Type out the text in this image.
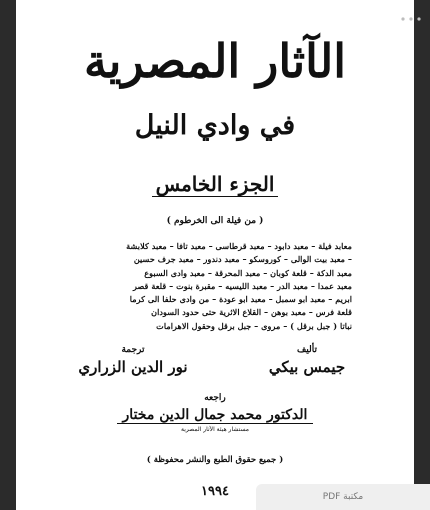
الآثار المصرية
في وادي النيل
الجزء الخامس
( من فيلة الى الخرطوم )
معابد فيلة – معبد دابود – معبد قرطاسى – معبد تافا – معبد كلابشة
– معبد بيت الوالى – كوروسكو – معبد دندور – معبد جرف حسين
معبد الدكة – قلعة كوبان – معبد المحرقة – معبد وادى السبوع
معبد عمدا – معبد الدر – معبد الليسيه – مقبرة بنوت – قلعة قصر
ابريم – معبد ابو سمبل – معبد ابو عودة – من وادى حلفا الى كرما
قلعة فرس – معبد بوهن – القلاع الاثرية حتى حدود السودان
نباتا ( جبل برقل ) – مروى – جبل برقل وحقول الاهرامات
تأليف
جيمس بيكي
ترجمة
نور الدين الزراري
راجعه
الدكتور محمد جمال الدين مختار
مستشار هيئة الآثار المصرية
( جميع حقوق الطبع والنشر محفوظة )
١٩٩٤	مكتبة PDF
